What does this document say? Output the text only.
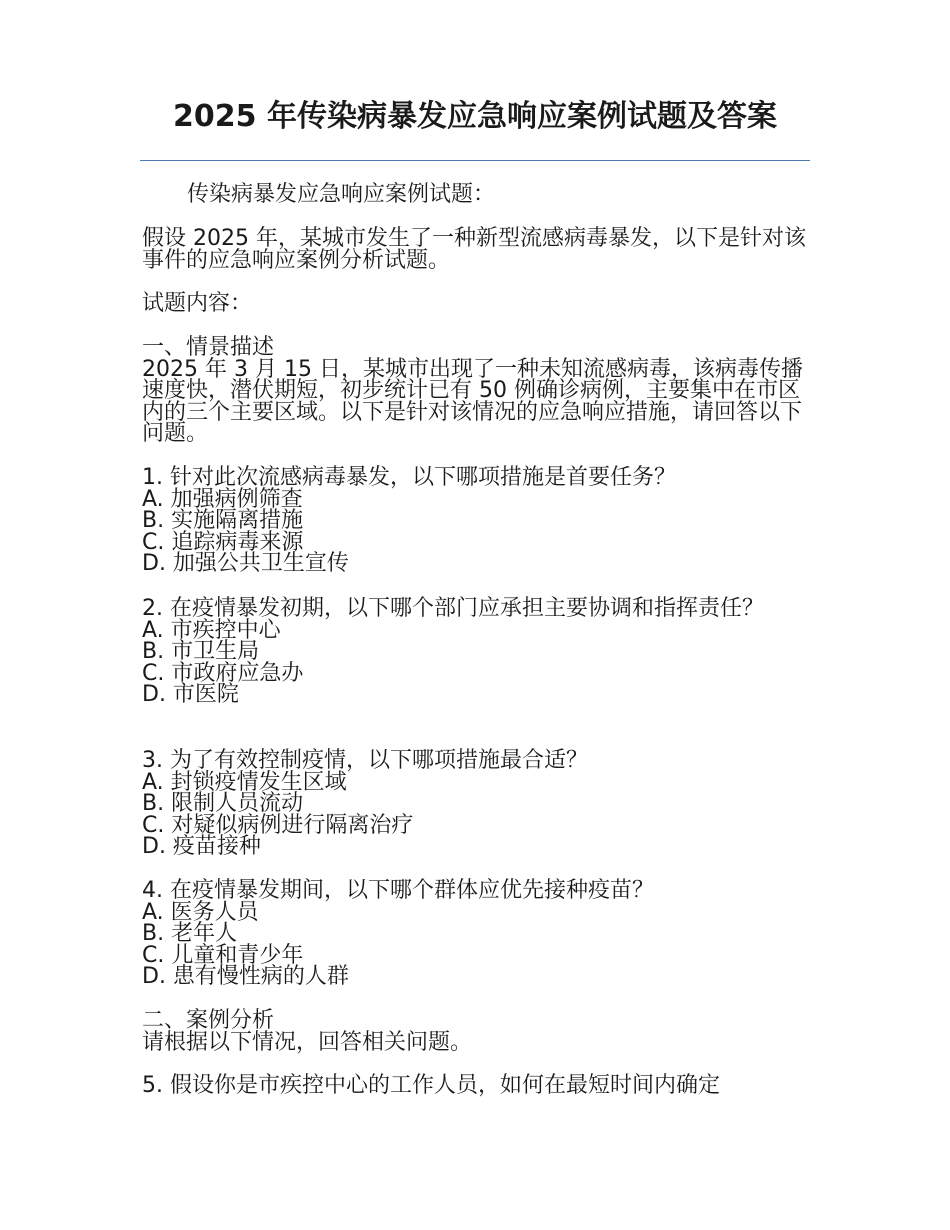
2025 年传染病暴发应急响应案例试题及答案
传染病暴发应急响应案例试题：
假设 2025 年，某城市发生了一种新型流感病毒暴发，以下是针对该事件的应急响应案例分析试题。
试题内容：
一、情景描述
2025 年 3 月 15 日，某城市出现了一种未知流感病毒，该病毒传播速度快，潜伏期短，初步统计已有 50 例确诊病例，主要集中在市区内的三个主要区域。以下是针对该情况的应急响应措施，请回答以下问题。
1. 针对此次流感病毒暴发，以下哪项措施是首要任务？
A. 加强病例筛查
B. 实施隔离措施
C. 追踪病毒来源
D. 加强公共卫生宣传
2. 在疫情暴发初期，以下哪个部门应承担主要协调和指挥责任？
A. 市疾控中心
B. 市卫生局
C. 市政府应急办
D. 市医院
3. 为了有效控制疫情，以下哪项措施最合适？
A. 封锁疫情发生区域
B. 限制人员流动
C. 对疑似病例进行隔离治疗
D. 疫苗接种
4. 在疫情暴发期间，以下哪个群体应优先接种疫苗？
A. 医务人员
B. 老年人
C. 儿童和青少年
D. 患有慢性病的人群
二、案例分析
请根据以下情况，回答相关问题。
5. 假设你是市疾控中心的工作人员，如何在最短时间内确定
